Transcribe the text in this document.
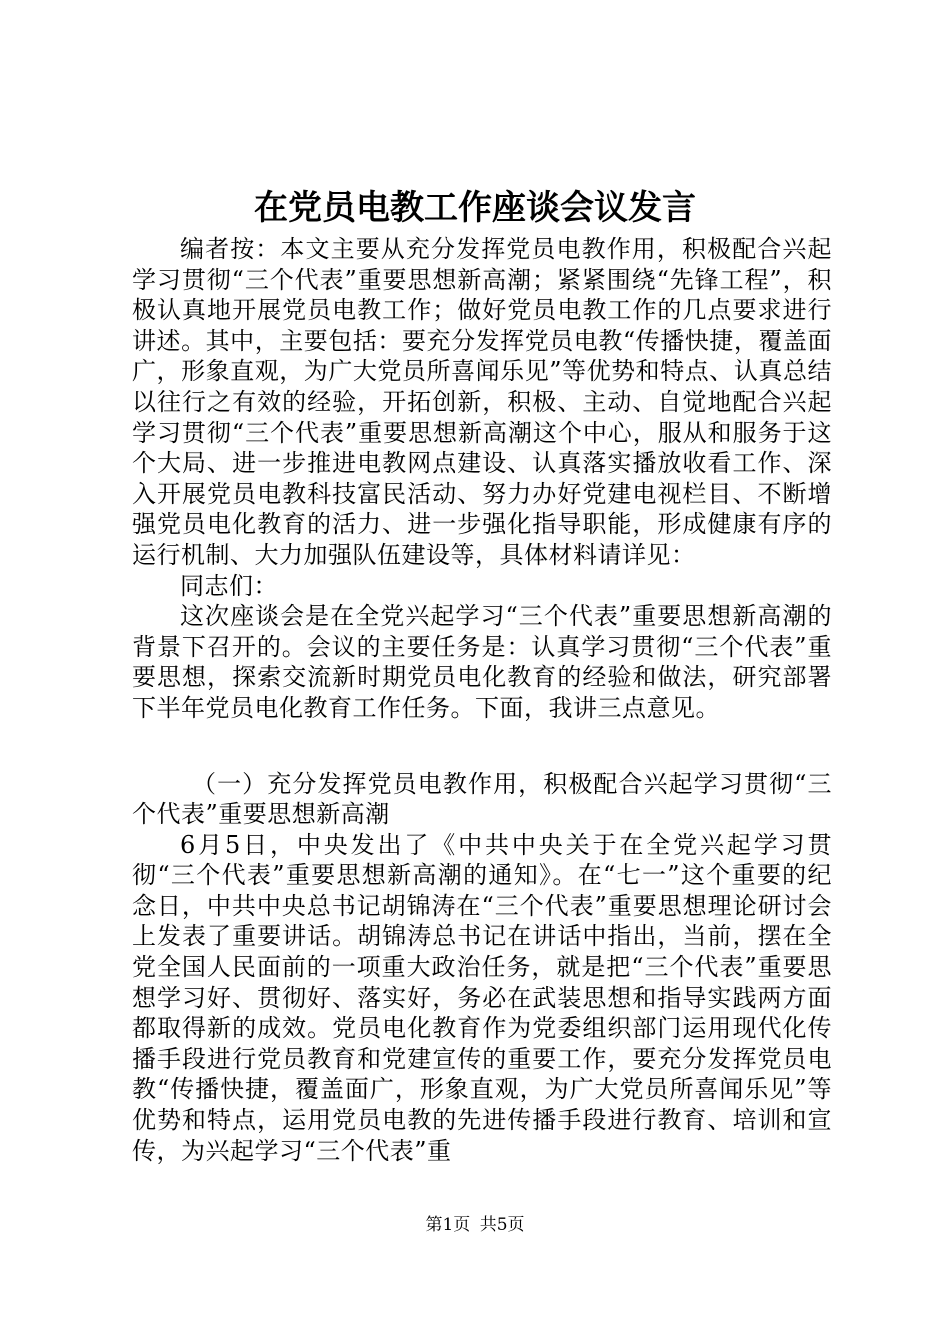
在党员电教工作座谈会议发言

编者按：本文主要从充分发挥党员电教作用，积极配合兴起学习贯彻“三个代表”重要思想新高潮；紧紧围绕“先锋工程”，积极认真地开展党员电教工作；做好党员电教工作的几点要求进行讲述。其中，主要包括：要充分发挥党员电教“传播快捷，覆盖面广，形象直观，为广大党员所喜闻乐见”等优势和特点、认真总结以往行之有效的经验，开拓创新，积极、主动、自觉地配合兴起学习贯彻“三个代表”重要思想新高潮这个中心，服从和服务于这个大局、进一步推进电教网点建设、认真落实播放收看工作、深入开展党员电教科技富民活动、努力办好党建电视栏目、不断增强党员电化教育的活力、进一步强化指导职能，形成健康有序的运行机制、大力加强队伍建设等，具体材料请详见：

同志们：

这次座谈会是在全党兴起学习“三个代表”重要思想新高潮的背景下召开的。会议的主要任务是：认真学习贯彻“三个代表”重要思想，探索交流新时期党员电化教育的经验和做法，研究部署下半年党员电化教育工作任务。下面，我讲三点意见。

（一）充分发挥党员电教作用，积极配合兴起学习贯彻“三个代表”重要思想新高潮

6月5日，中央发出了《中共中央关于在全党兴起学习贯彻“三个代表”重要思想新高潮的通知》。在“七一”这个重要的纪念日，中共中央总书记胡锦涛在“三个代表”重要思想理论研讨会上发表了重要讲话。胡锦涛总书记在讲话中指出，当前，摆在全党全国人民面前的一项重大政治任务，就是把“三个代表”重要思想学习好、贯彻好、落实好，务必在武装思想和指导实践两方面都取得新的成效。党员电化教育作为党委组织部门运用现代化传播手段进行党员教育和党建宣传的重要工作，要充分发挥党员电教“传播快捷，覆盖面广，形象直观，为广大党员所喜闻乐见”等优势和特点，运用党员电教的先进传播手段进行教育、培训和宣传，为兴起学习“三个代表”重

第1页 共5页
